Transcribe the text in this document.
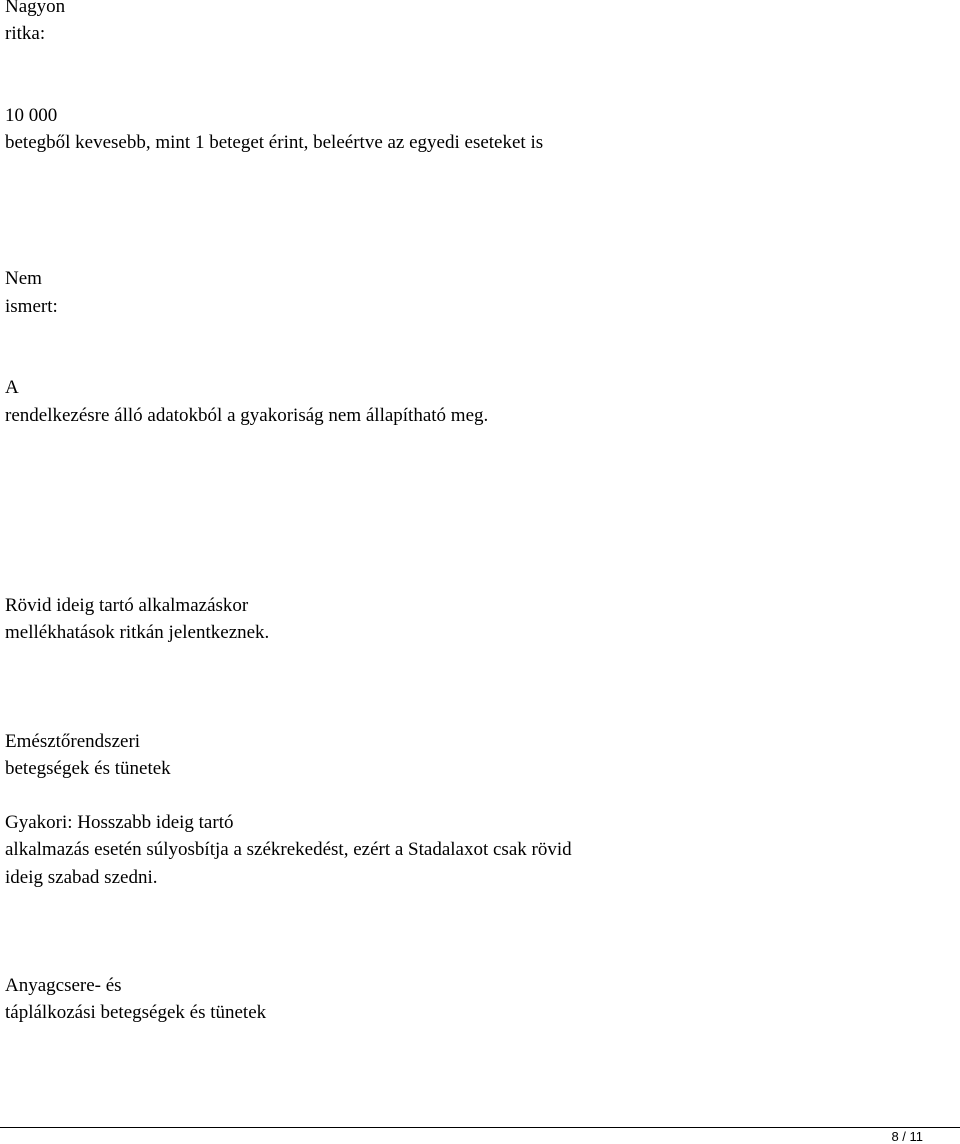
Nagyon
ritka:
10 000
betegből kevesebb, mint 1 beteget érint, beleértve az egyedi eseteket is
Nem
ismert:
A
rendelkezésre álló adatokból a gyakoriság nem állapítható meg.
Rövid ideig tartó alkalmazáskor
mellékhatások ritkán jelentkeznek.
Emésztőrendszeri
betegségek és tünetek
Gyakori: Hosszabb ideig tartó
alkalmazás esetén súlyosbítja a székrekedést, ezért a Stadalaxot csak rövid
ideig szabad szedni.
Anyagcsere- és
táplálkozási betegségek és tünetek
8 / 11
